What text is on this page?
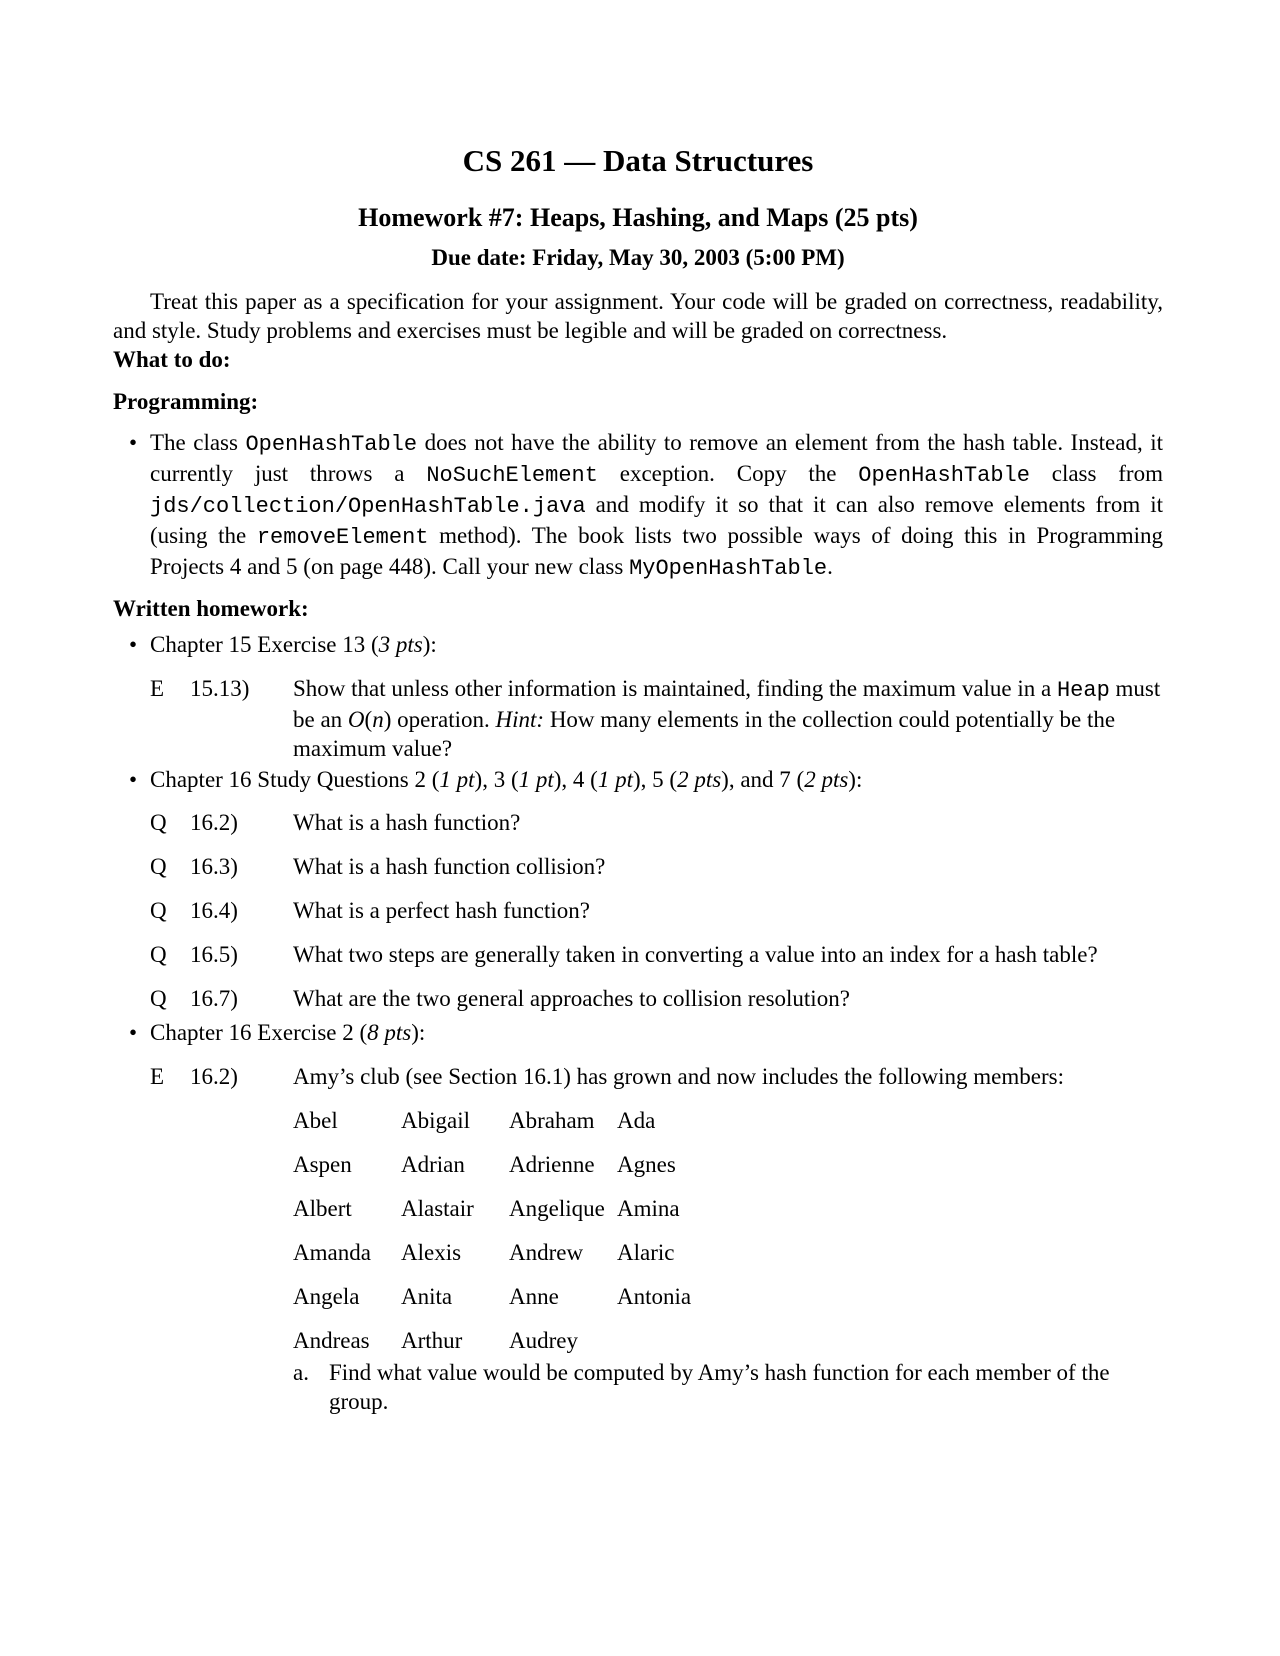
CS 261 — Data Structures
Homework #7: Heaps, Hashing, and Maps (25 pts)
Due date: Friday, May 30, 2003 (5:00 PM)

Treat this paper as a specification for your assignment. Your code will be graded on correctness, readability, and style. Study problems and exercises must be legible and will be graded on correctness.

What to do:

Programming:

• The class OpenHashTable does not have the ability to remove an element from the hash table. Instead, it currently just throws a NoSuchElement exception. Copy the OpenHashTable class from jds/collection/OpenHashTable.java and modify it so that it can also remove elements from it (using the removeElement method). The book lists two possible ways of doing this in Programming Projects 4 and 5 (on page 448). Call your new class MyOpenHashTable.

Written homework:

• Chapter 15 Exercise 13 (3 pts):
E 15.13) Show that unless other information is maintained, finding the maximum value in a Heap must be an O(n) operation. Hint: How many elements in the collection could potentially be the maximum value?
• Chapter 16 Study Questions 2 (1 pt), 3 (1 pt), 4 (1 pt), 5 (2 pts), and 7 (2 pts):
Q 16.2) What is a hash function?
Q 16.3) What is a hash function collision?
Q 16.4) What is a perfect hash function?
Q 16.5) What two steps are generally taken in converting a value into an index for a hash table?
Q 16.7) What are the two general approaches to collision resolution?
• Chapter 16 Exercise 2 (8 pts):
E 16.2) Amy’s club (see Section 16.1) has grown and now includes the following members:
Abel	Abigail Abraham Ada
Aspen Adrian Adrienne Agnes
Albert Alastair Angelique Amina
Amanda Alexis Andrew Alaric
Angela Anita Anne	Antonia
Andreas Arthur Audrey
a. Find what value would be computed by Amy’s hash function for each member of the group.
